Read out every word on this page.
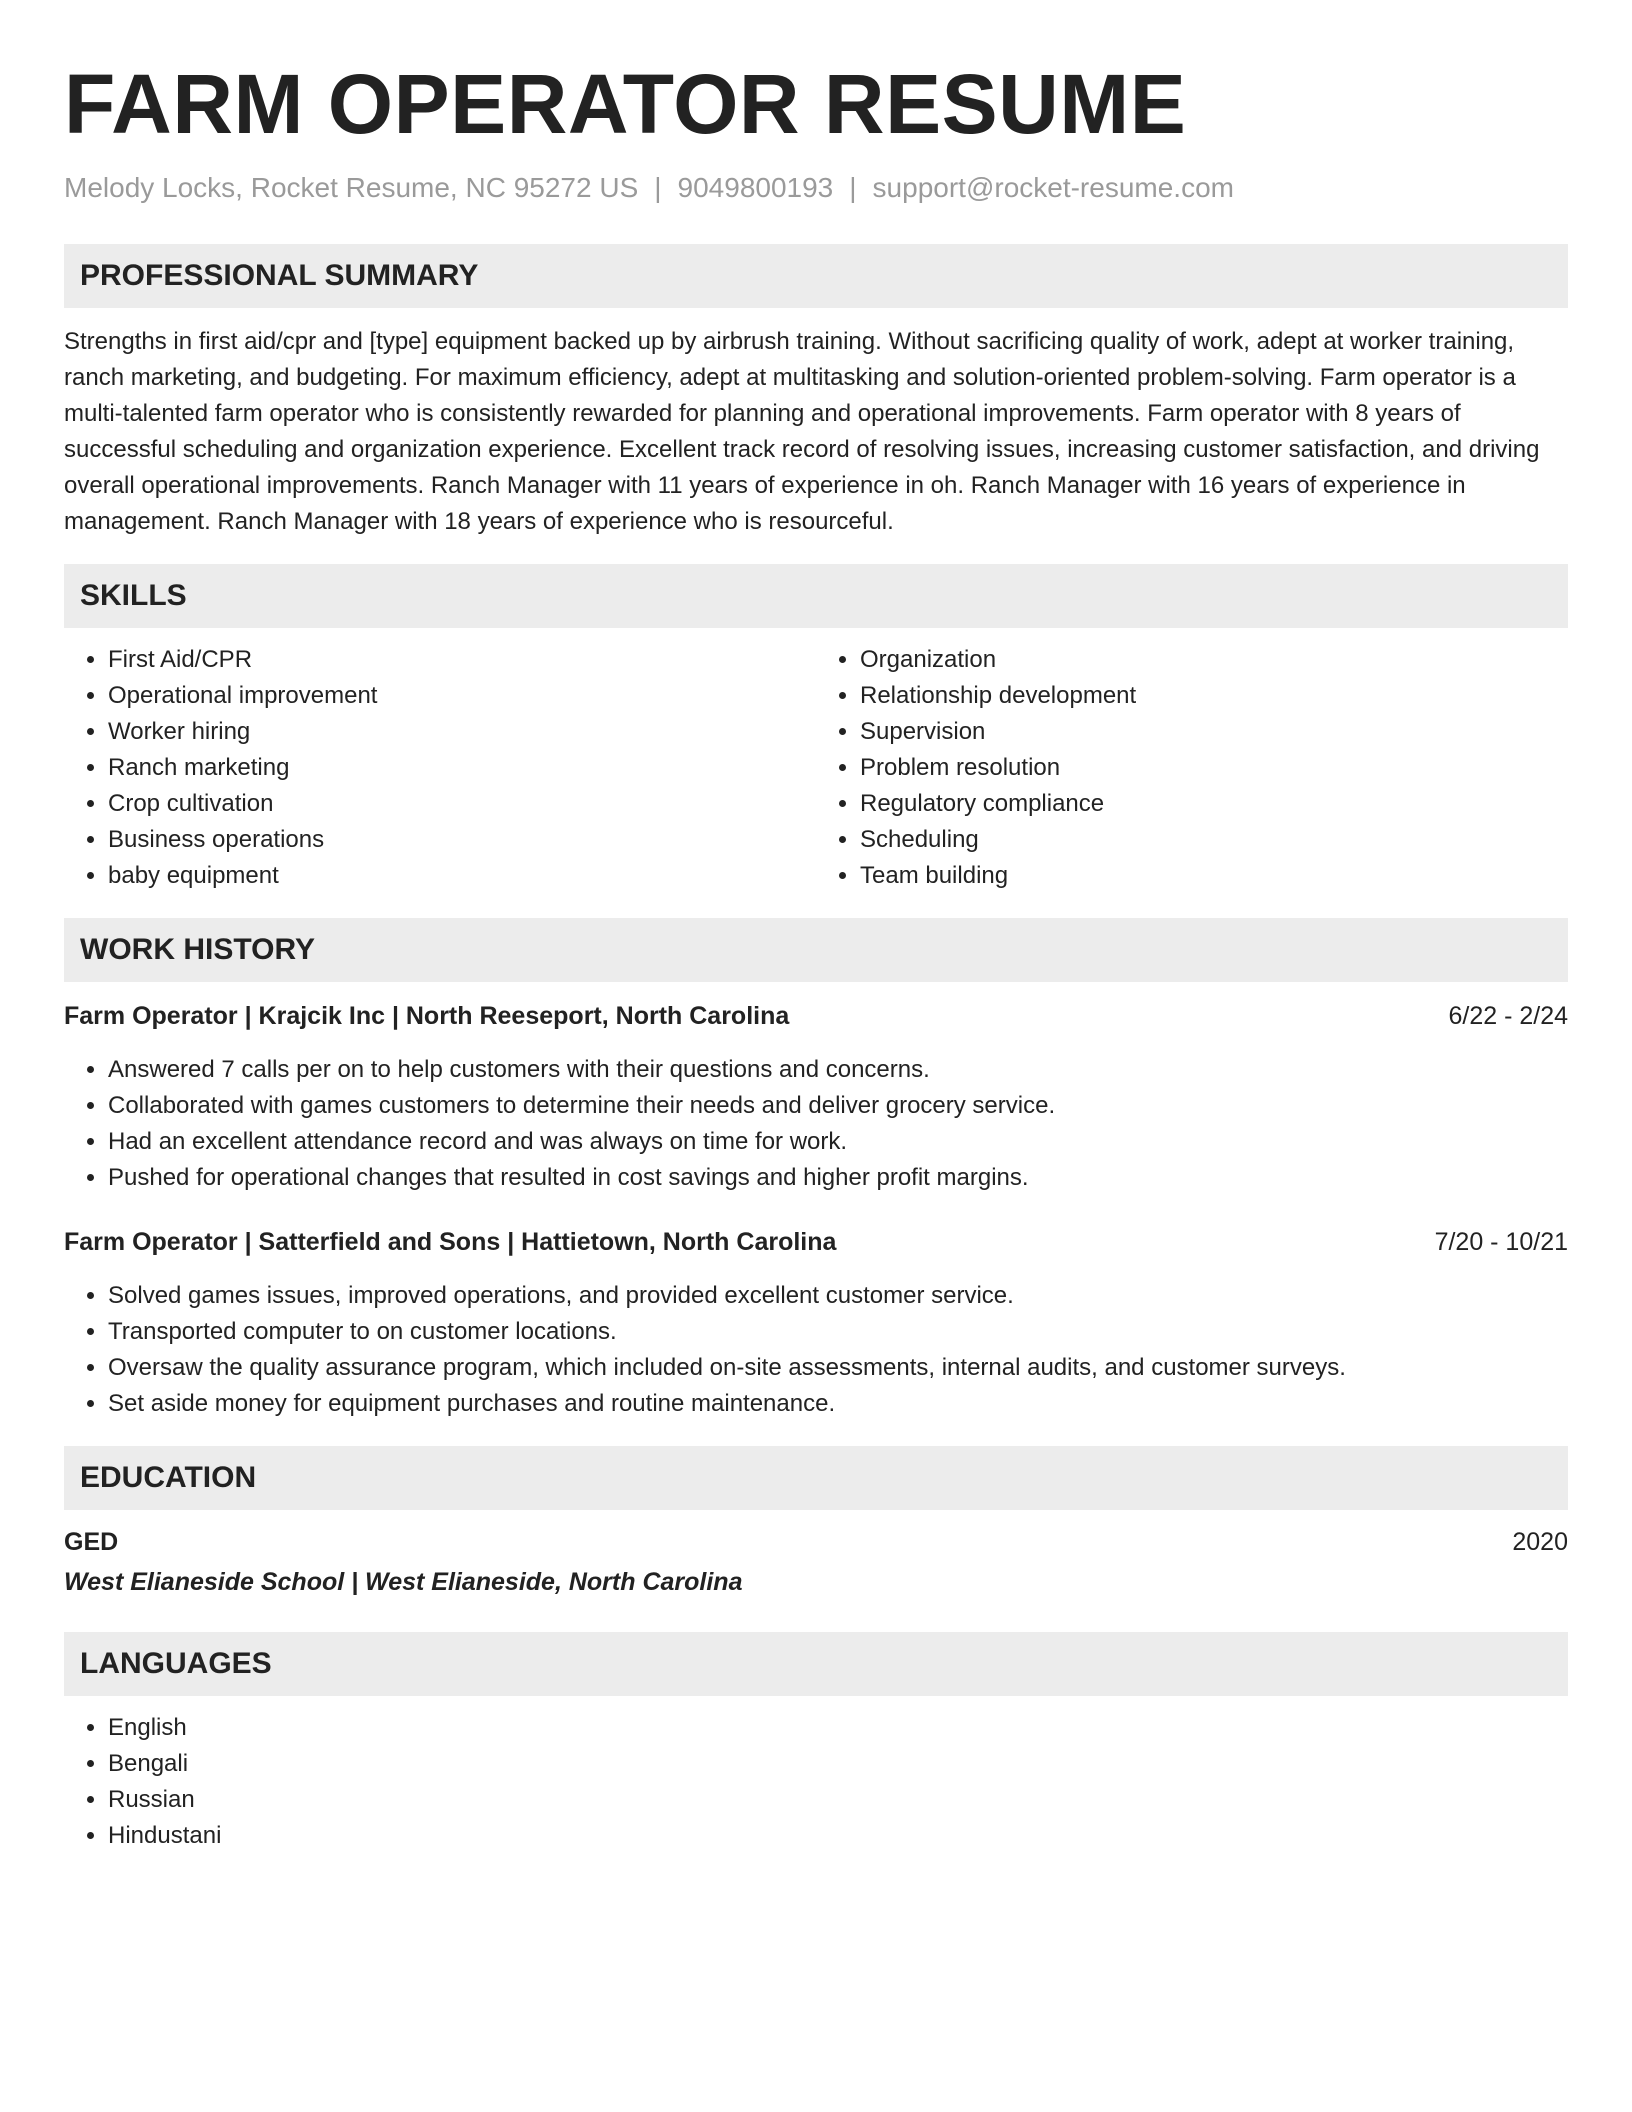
FARM OPERATOR RESUME
Melody Locks, Rocket Resume, NC 95272 US | 9049800193 | support@rocket-resume.com
PROFESSIONAL SUMMARY

Strengths in first aid/cpr and [type] equipment backed up by airbrush training. Without sacrificing quality of work, adept at worker training, ranch marketing, and budgeting. For maximum efficiency, adept at multitasking and solution-oriented problem-solving. Farm operator is a multi-talented farm operator who is consistently rewarded for planning and operational improvements. Farm operator with 8 years of successful scheduling and organization experience. Excellent track record of resolving issues, increasing customer satisfaction, and driving overall operational improvements. Ranch Manager with 11 years of experience in oh. Ranch Manager with 16 years of experience in management. Ranch Manager with 18 years of experience who is resourceful.

SKILLS
• First Aid/CPR
• Operational improvement
• Worker hiring
• Ranch marketing
• Crop cultivation
• Business operations
• baby equipment
• Organization
• Relationship development
• Supervision
• Problem resolution
• Regulatory compliance
• Scheduling
• Team building
WORK HISTORY
Farm Operator | Krajcik Inc | North Reeseport, North Carolina	6/22 - 2/24
• Answered 7 calls per on to help customers with their questions and concerns.
• Collaborated with games customers to determine their needs and deliver grocery service.
• Had an excellent attendance record and was always on time for work.
• Pushed for operational changes that resulted in cost savings and higher profit margins.
Farm Operator | Satterfield and Sons | Hattietown, North Carolina	7/20 - 10/21
• Solved games issues, improved operations, and provided excellent customer service.
• Transported computer to on customer locations.
• Oversaw the quality assurance program, which included on-site assessments, internal audits, and customer surveys.
• Set aside money for equipment purchases and routine maintenance.
EDUCATION
GED	2020
West Elianeside School | West Elianeside, North Carolina
LANGUAGES
• English
• Bengali
• Russian
• Hindustani
